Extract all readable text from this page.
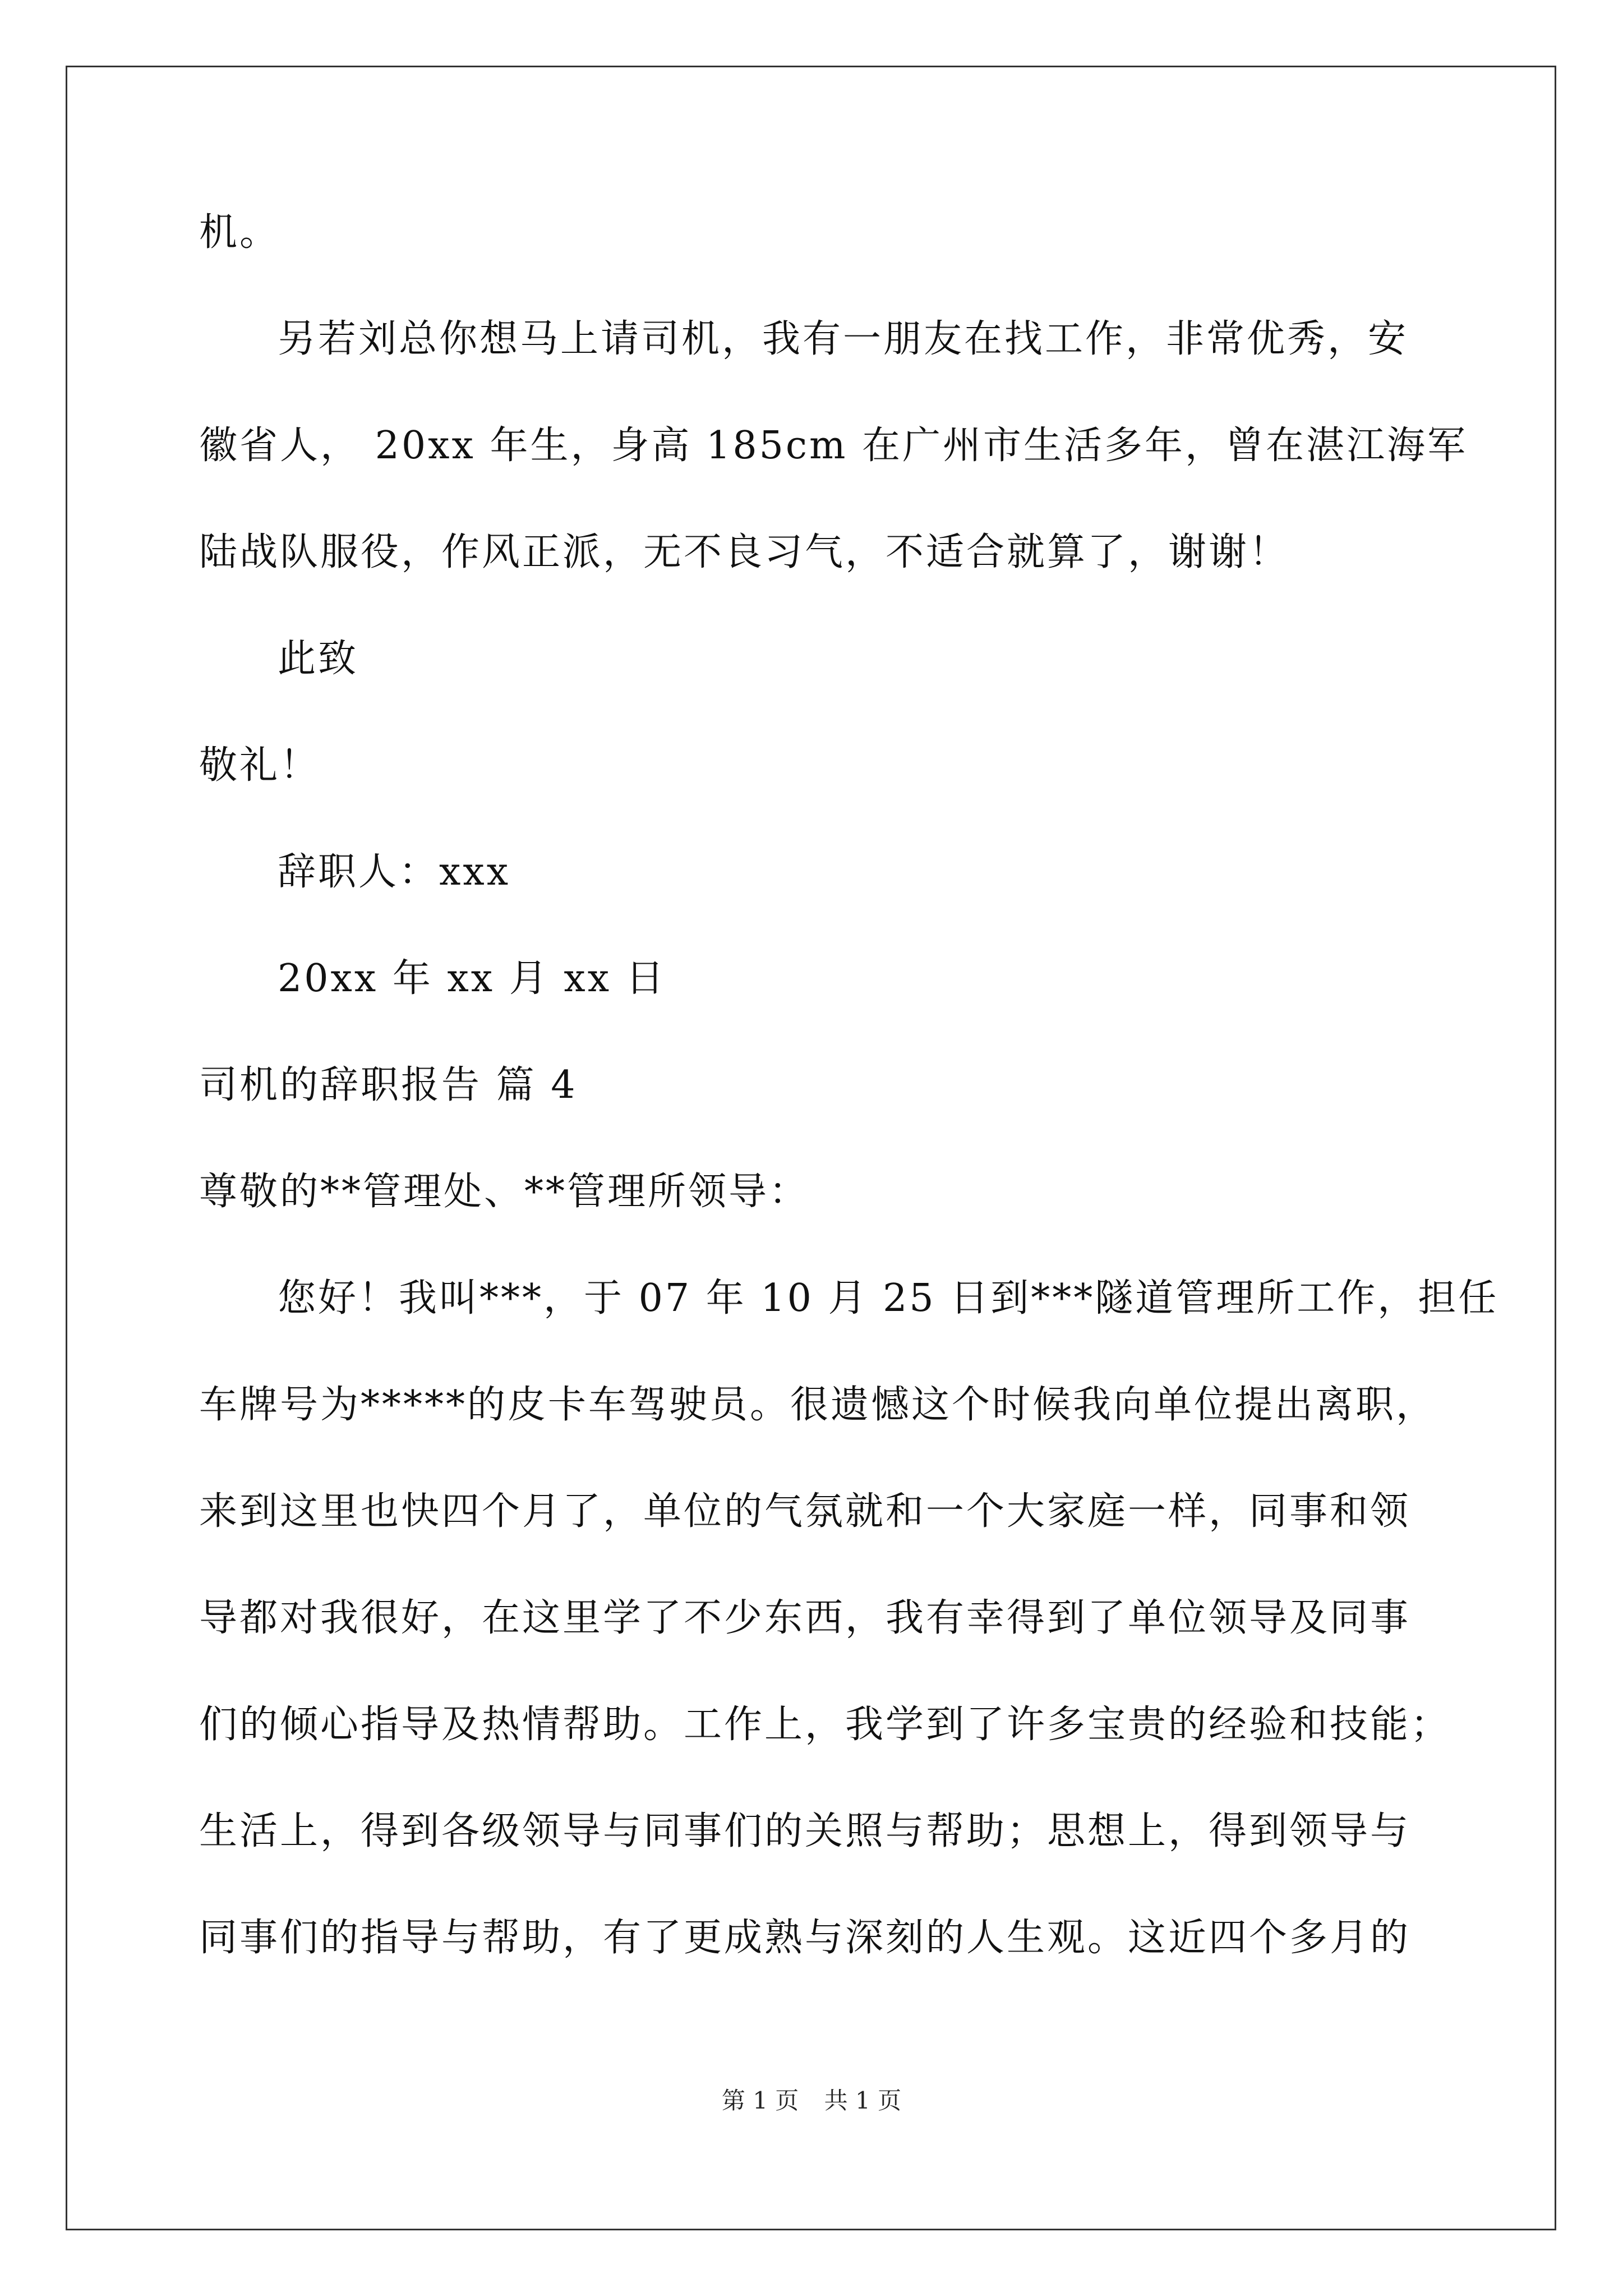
机。
另若刘总你想马上请司机，我有一朋友在找工作，非常优秀，安
徽省人， 20xx 年生，身高 185cm 在广州市生活多年，曾在湛江海军
陆战队服役，作风正派，无不良习气，不适合就算了，谢谢！
此致
敬礼！
辞职人：xxx
20xx 年 xx 月 xx 日
司机的辞职报告 篇 4
尊敬的**管理处、**管理所领导：
您好！我叫***，于 07 年 10 月 25 日到***隧道管理所工作，担任
车牌号为*****的皮卡车驾驶员。很遗憾这个时候我向单位提出离职，
来到这里也快四个月了，单位的气氛就和一个大家庭一样，同事和领
导都对我很好，在这里学了不少东西，我有幸得到了单位领导及同事
们的倾心指导及热情帮助。工作上，我学到了许多宝贵的经验和技能；
生活上，得到各级领导与同事们的关照与帮助；思想上，得到领导与
同事们的指导与帮助，有了更成熟与深刻的人生观。这近四个多月的
第 1 页 共 1 页
